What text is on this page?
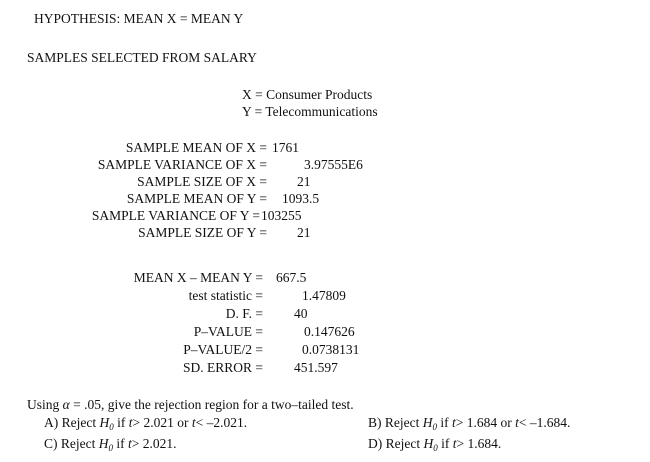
HYPOTHESIS: MEAN X = MEAN Y
SAMPLES SELECTED FROM SALARY
X = Consumer Products
Y = Telecommunications
SAMPLE MEAN OF X = 1761
SAMPLE VARIANCE OF X =	3.97555E6
SAMPLE SIZE OF X = 21
SAMPLE MEAN OF Y = 1093.5
SAMPLE VARIANCE OF Y = 103255
SAMPLE SIZE OF Y = 21
MEAN X – MEAN Y = 667.5
test statistic =	1.47809
D. F. = 40
P–VALUE =	0.147626
P–VALUE/2 =	0.0738131
SD. ERROR = 451.597
Using α = .05, give the rejection region for a two–tailed test.
A) Reject $H_0$ if t> 2.021 or t< –2.021.	B) Reject $H_0$ if t> 1.684 or t< –1.684.
C) Reject $H_0$ if t> 2.021.	D) Reject $H_0$ if t> 1.684.
